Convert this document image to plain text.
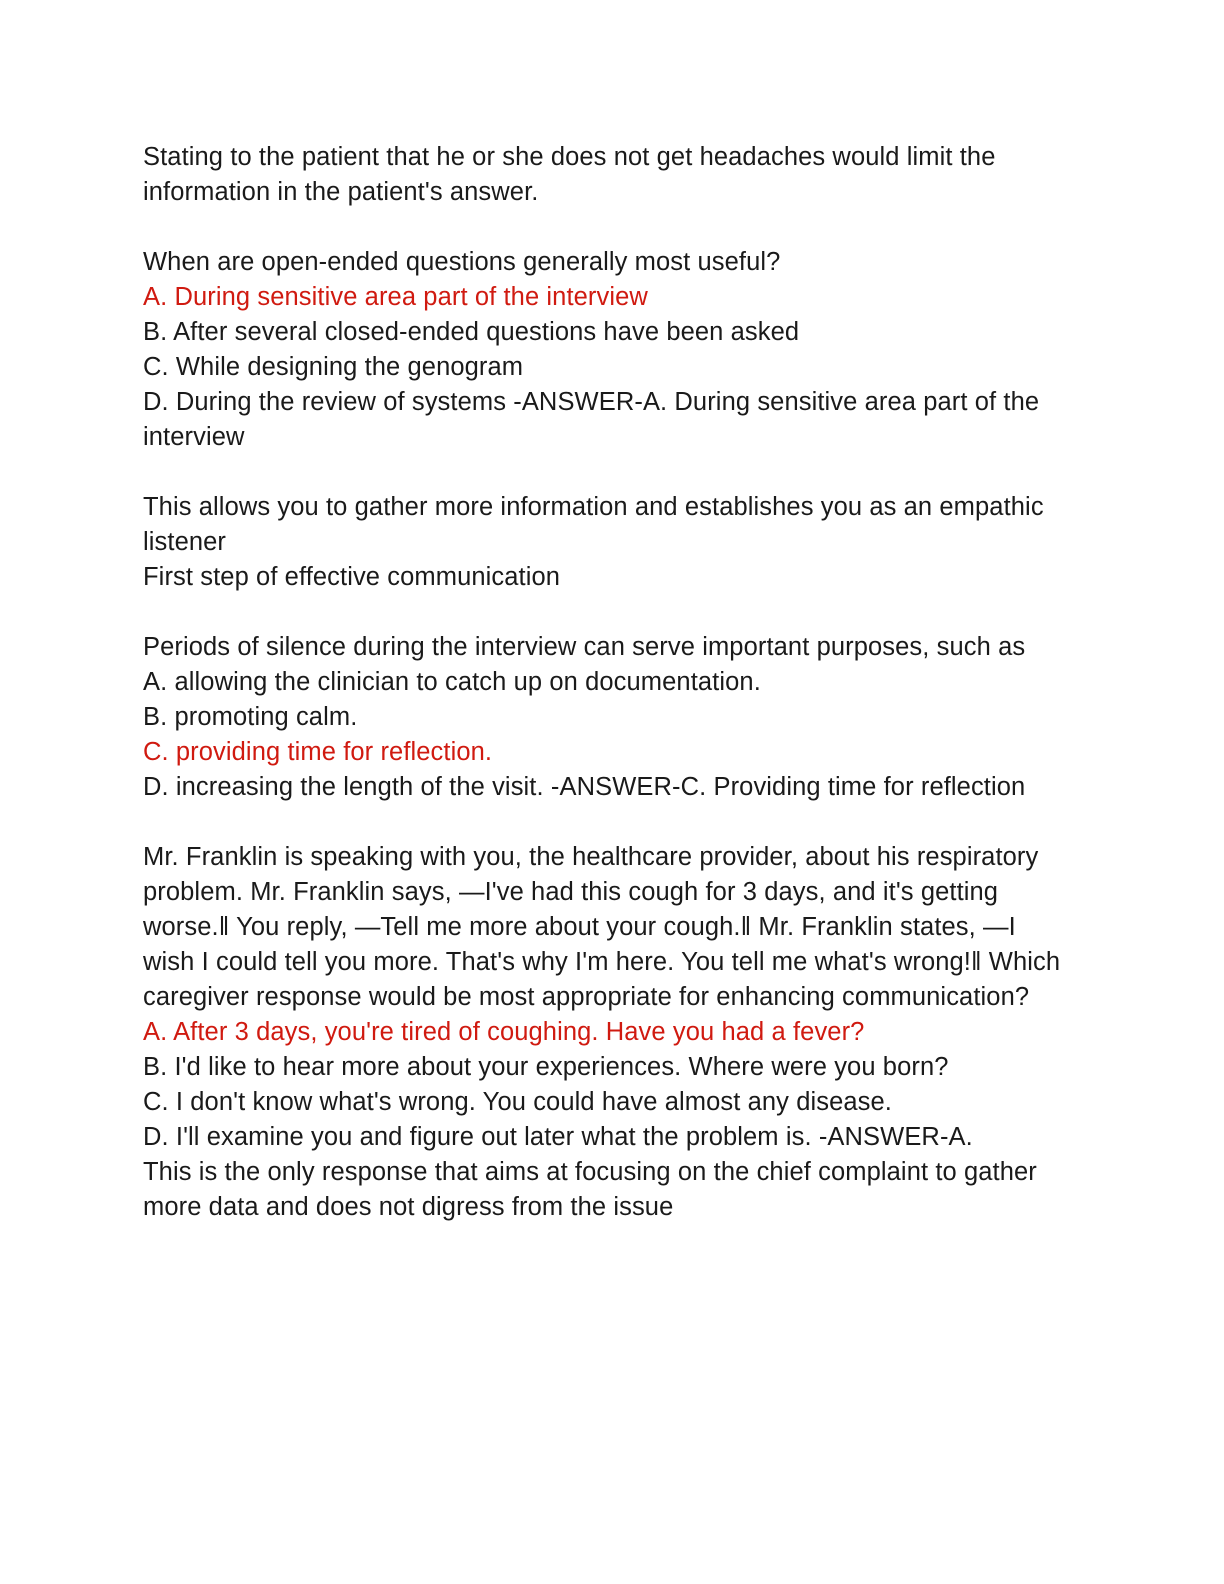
Stating to the patient that he or she does not get headaches would limit the information in the patient's answer.

When are open-ended questions generally most useful?

A. During sensitive area part of the interview

B. After several closed-ended questions have been asked

C. While designing the genogram

D. During the review of systems -ANSWER-A. During sensitive area part of the interview

This allows you to gather more information and establishes you as an empathic listener

First step of effective communication

Periods of silence during the interview can serve important purposes, such as

A. allowing the clinician to catch up on documentation.

B. promoting calm.

C. providing time for reflection.

D. increasing the length of the visit. -ANSWER-C. Providing time for reflection

Mr. Franklin is speaking with you, the healthcare provider, about his respiratory problem. Mr. Franklin says, —I've had this cough for 3 days, and it's getting worse.‖ You reply, —Tell me more about your cough.‖ Mr. Franklin states, —I wish I could tell you more. That's why I'm here. You tell me what's wrong!‖ Which caregiver response would be most appropriate for enhancing communication?

A. After 3 days, you're tired of coughing. Have you had a fever?

B. I'd like to hear more about your experiences. Where were you born?

C. I don't know what's wrong. You could have almost any disease.

D. I'll examine you and figure out later what the problem is. -ANSWER-A.

This is the only response that aims at focusing on the chief complaint to gather more data and does not digress from the issue
